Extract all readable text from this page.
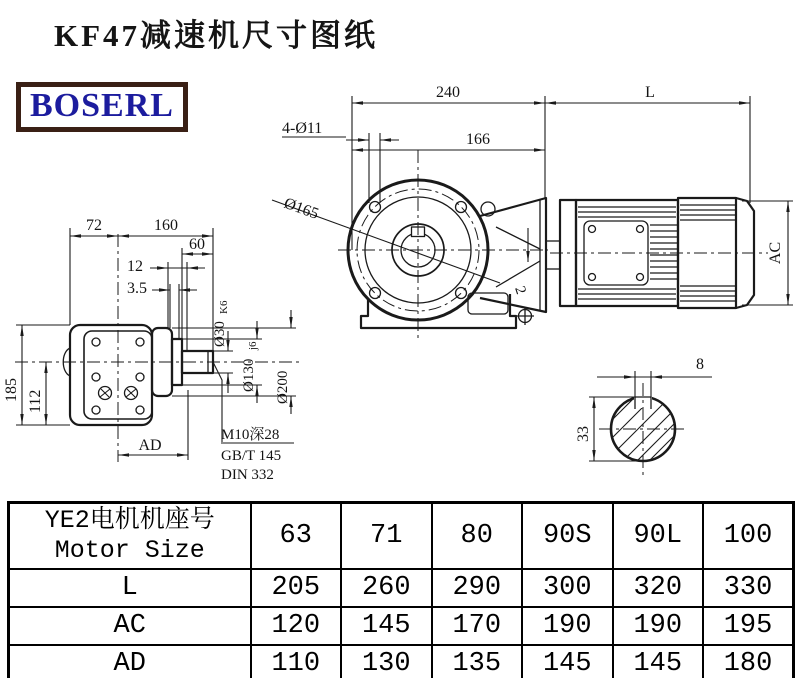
KF47减速机尺寸图纸
BOSERL
2
Ø165
240	L
166
4-Ø11
AC
72	160
60
12
3.5
185 112
Ø30
K6
Ø130
j6
Ø200
AD
M10深28
GB/T 145
DIN 332
8
33
YE2电机机座号
Motor Size	63	71	80	90S	90L	100
L	205	260	290	300	320	330
AC	120	145	170	190	190	195
AD	110	130	135	145	145	180
